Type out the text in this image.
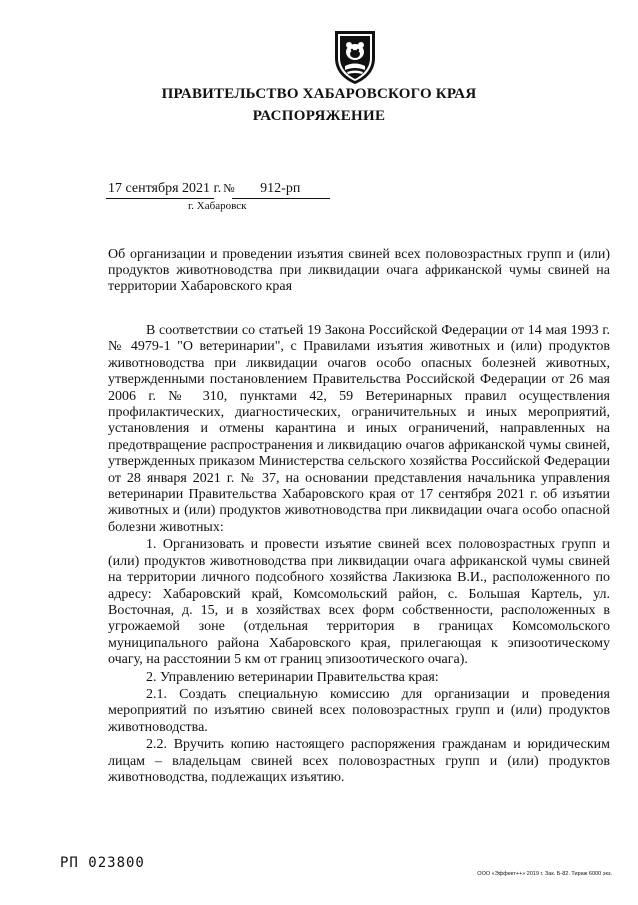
ПРАВИТЕЛЬСТВО ХАБАРОВСКОГО КРАЯ
РАСПОРЯЖЕНИЕ
17 сентября 2021 г. № 912-рп
г. Хабаровск
Об организации и проведении изъятия свиней всех половозрастных групп и (или) продуктов животноводства при ликвидации очага африканской чумы свиней на территории Хабаровского края

В соответствии со статьей 19 Закона Российской Федерации от 14 мая 1993 г. № 4979-1 "О ветеринарии", с Правилами изъятия животных и (или) продуктов животноводства при ликвидации очагов особо опасных болезней животных, утвержденными постановлением Правительства Российской Федерации от 26 мая 2006 г. № 310, пунктами 42, 59 Ветеринарных правил осуществления профилактических, диагностических, ограничительных и иных мероприятий, установления и отмены карантина и иных ограничений, направленных на предотвращение распространения и ликвидацию очагов африканской чумы свиней, утвержденных приказом Министерства сельского хозяйства Российской Федерации от 28 января 2021 г. № 37, на основании представления начальника управления ветеринарии Правительства Хабаровского края от 17 сентября 2021 г. об изъятии животных и (или) продуктов животноводства при ликвидации очага особо опасной болезни животных:

1. Организовать и провести изъятие свиней всех половозрастных групп и (или) продуктов животноводства при ликвидации очага африканской чумы свиней на территории личного подсобного хозяйства Лакизюка В.И., расположенного по адресу: Хабаровский край, Комсомольский район, с. Большая Картель, ул. Восточная, д. 15, и в хозяйствах всех форм собственности, расположенных в угрожаемой зоне (отдельная территория в границах Комсомольского муниципального района Хабаровского края, прилегающая к эпизоотическому очагу, на расстоянии 5 км от границ эпизоотического очага).

2. Управлению ветеринарии Правительства края:

2.1. Создать специальную комиссию для организации и проведения мероприятий по изъятию свиней всех половозрастных групп и (или) продуктов животноводства.

2.2. Вручить копию настоящего распоряжения гражданам и юридическим лицам – владельцам свиней всех половозрастных групп и (или) продуктов животноводства, подлежащих изъятию.

РП 023800
ООО «Эффект++» 2019 г. Зак. Б-82. Тираж 6000 экз.
